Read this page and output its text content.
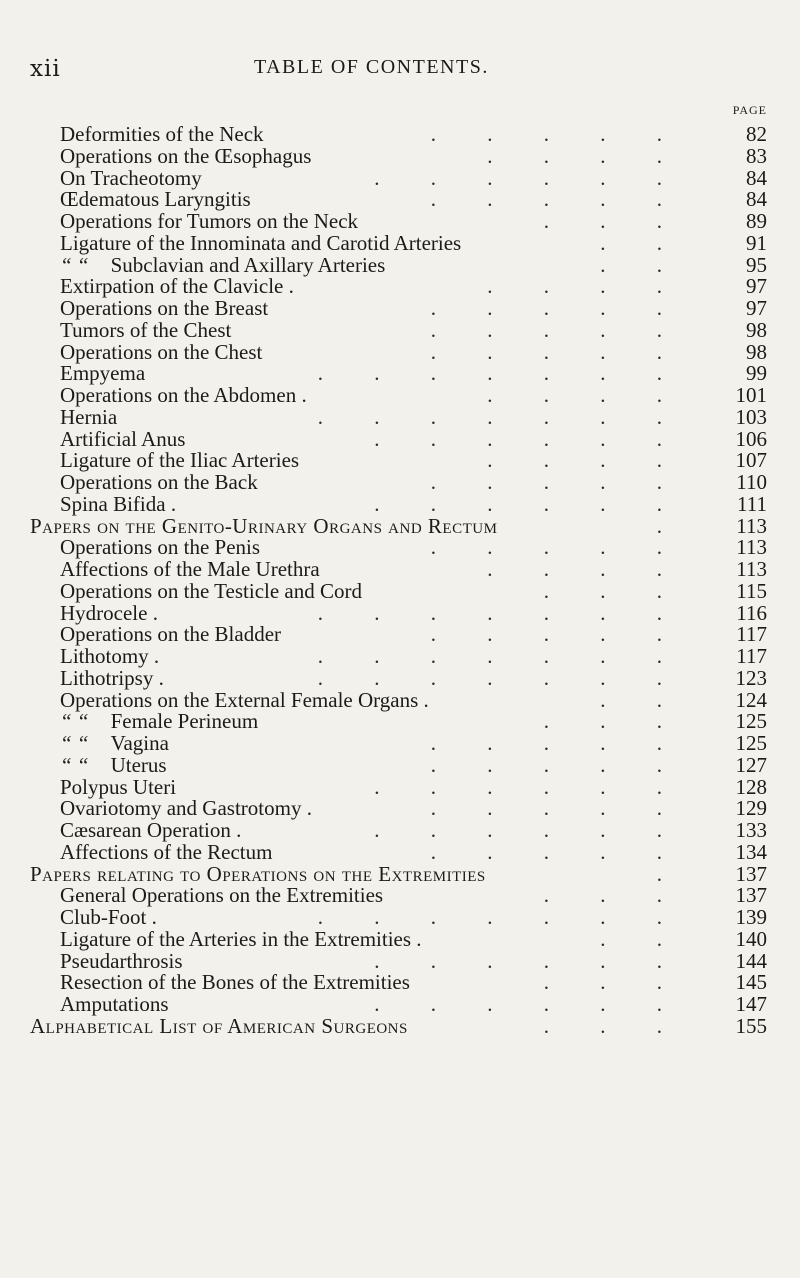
xii	TABLE OF CONTENTS.
PAGE
Deformities of the Neck	. . . . .	82
Operations on the Œsophagus	. . . .	83
On Tracheotomy	. . . . . .	84
Œdematous Laryngitis	. . . . .	84
Operations for Tumors on the Neck	. . .	89
Ligature of the Innominata and Carotid Arteries	. .	91
“ “ Subclavian and Axillary Arteries	. .	95
Extirpation of the Clavicle .	. . . .	97
Operations on the Breast	. . . . .	97
Tumors of the Chest	. . . . .	98
Operations on the Chest	. . . . .	98
Empyema	. . . . . . .	99
Operations on the Abdomen .	. . . .	101
Hernia	. . . . . . .	103
Artificial Anus	. . . . . .	106
Ligature of the Iliac Arteries	. . . .	107
Operations on the Back	. . . . .	110
Spina Bifida .	. . . . . .	111
Papers on the Genito-Urinary Organs and Rectum	.	113
Operations on the Penis	. . . . .	113
Affections of the Male Urethra	. . . .	113
Operations on the Testicle and Cord	. . .	115
Hydrocele .	. . . . . . .	116
Operations on the Bladder	. . . . .	117
Lithotomy .	. . . . . . .	117
Lithotripsy .	. . . . . . .	123
Operations on the External Female Organs .	. .	124
“ “ Female Perineum	. . .	125
“ “ Vagina	. . . . .	125
“ “ Uterus	. . . . .	127
Polypus Uteri	. . . . . .	128
Ovariotomy and Gastrotomy .	. . . . .	129
Cæsarean Operation .	. . . . . .	133
Affections of the Rectum	. . . . .	134
Papers relating to Operations on the Extremities	.	137
General Operations on the Extremities	. . .	137
Club-Foot .	. . . . . . .	139
Ligature of the Arteries in the Extremities .	. .	140
Pseudarthrosis	. . . . . .	144
Resection of the Bones of the Extremities	. . .	145
Amputations	. . . . . .	147
Alphabetical List of American Surgeons	. . .	155
